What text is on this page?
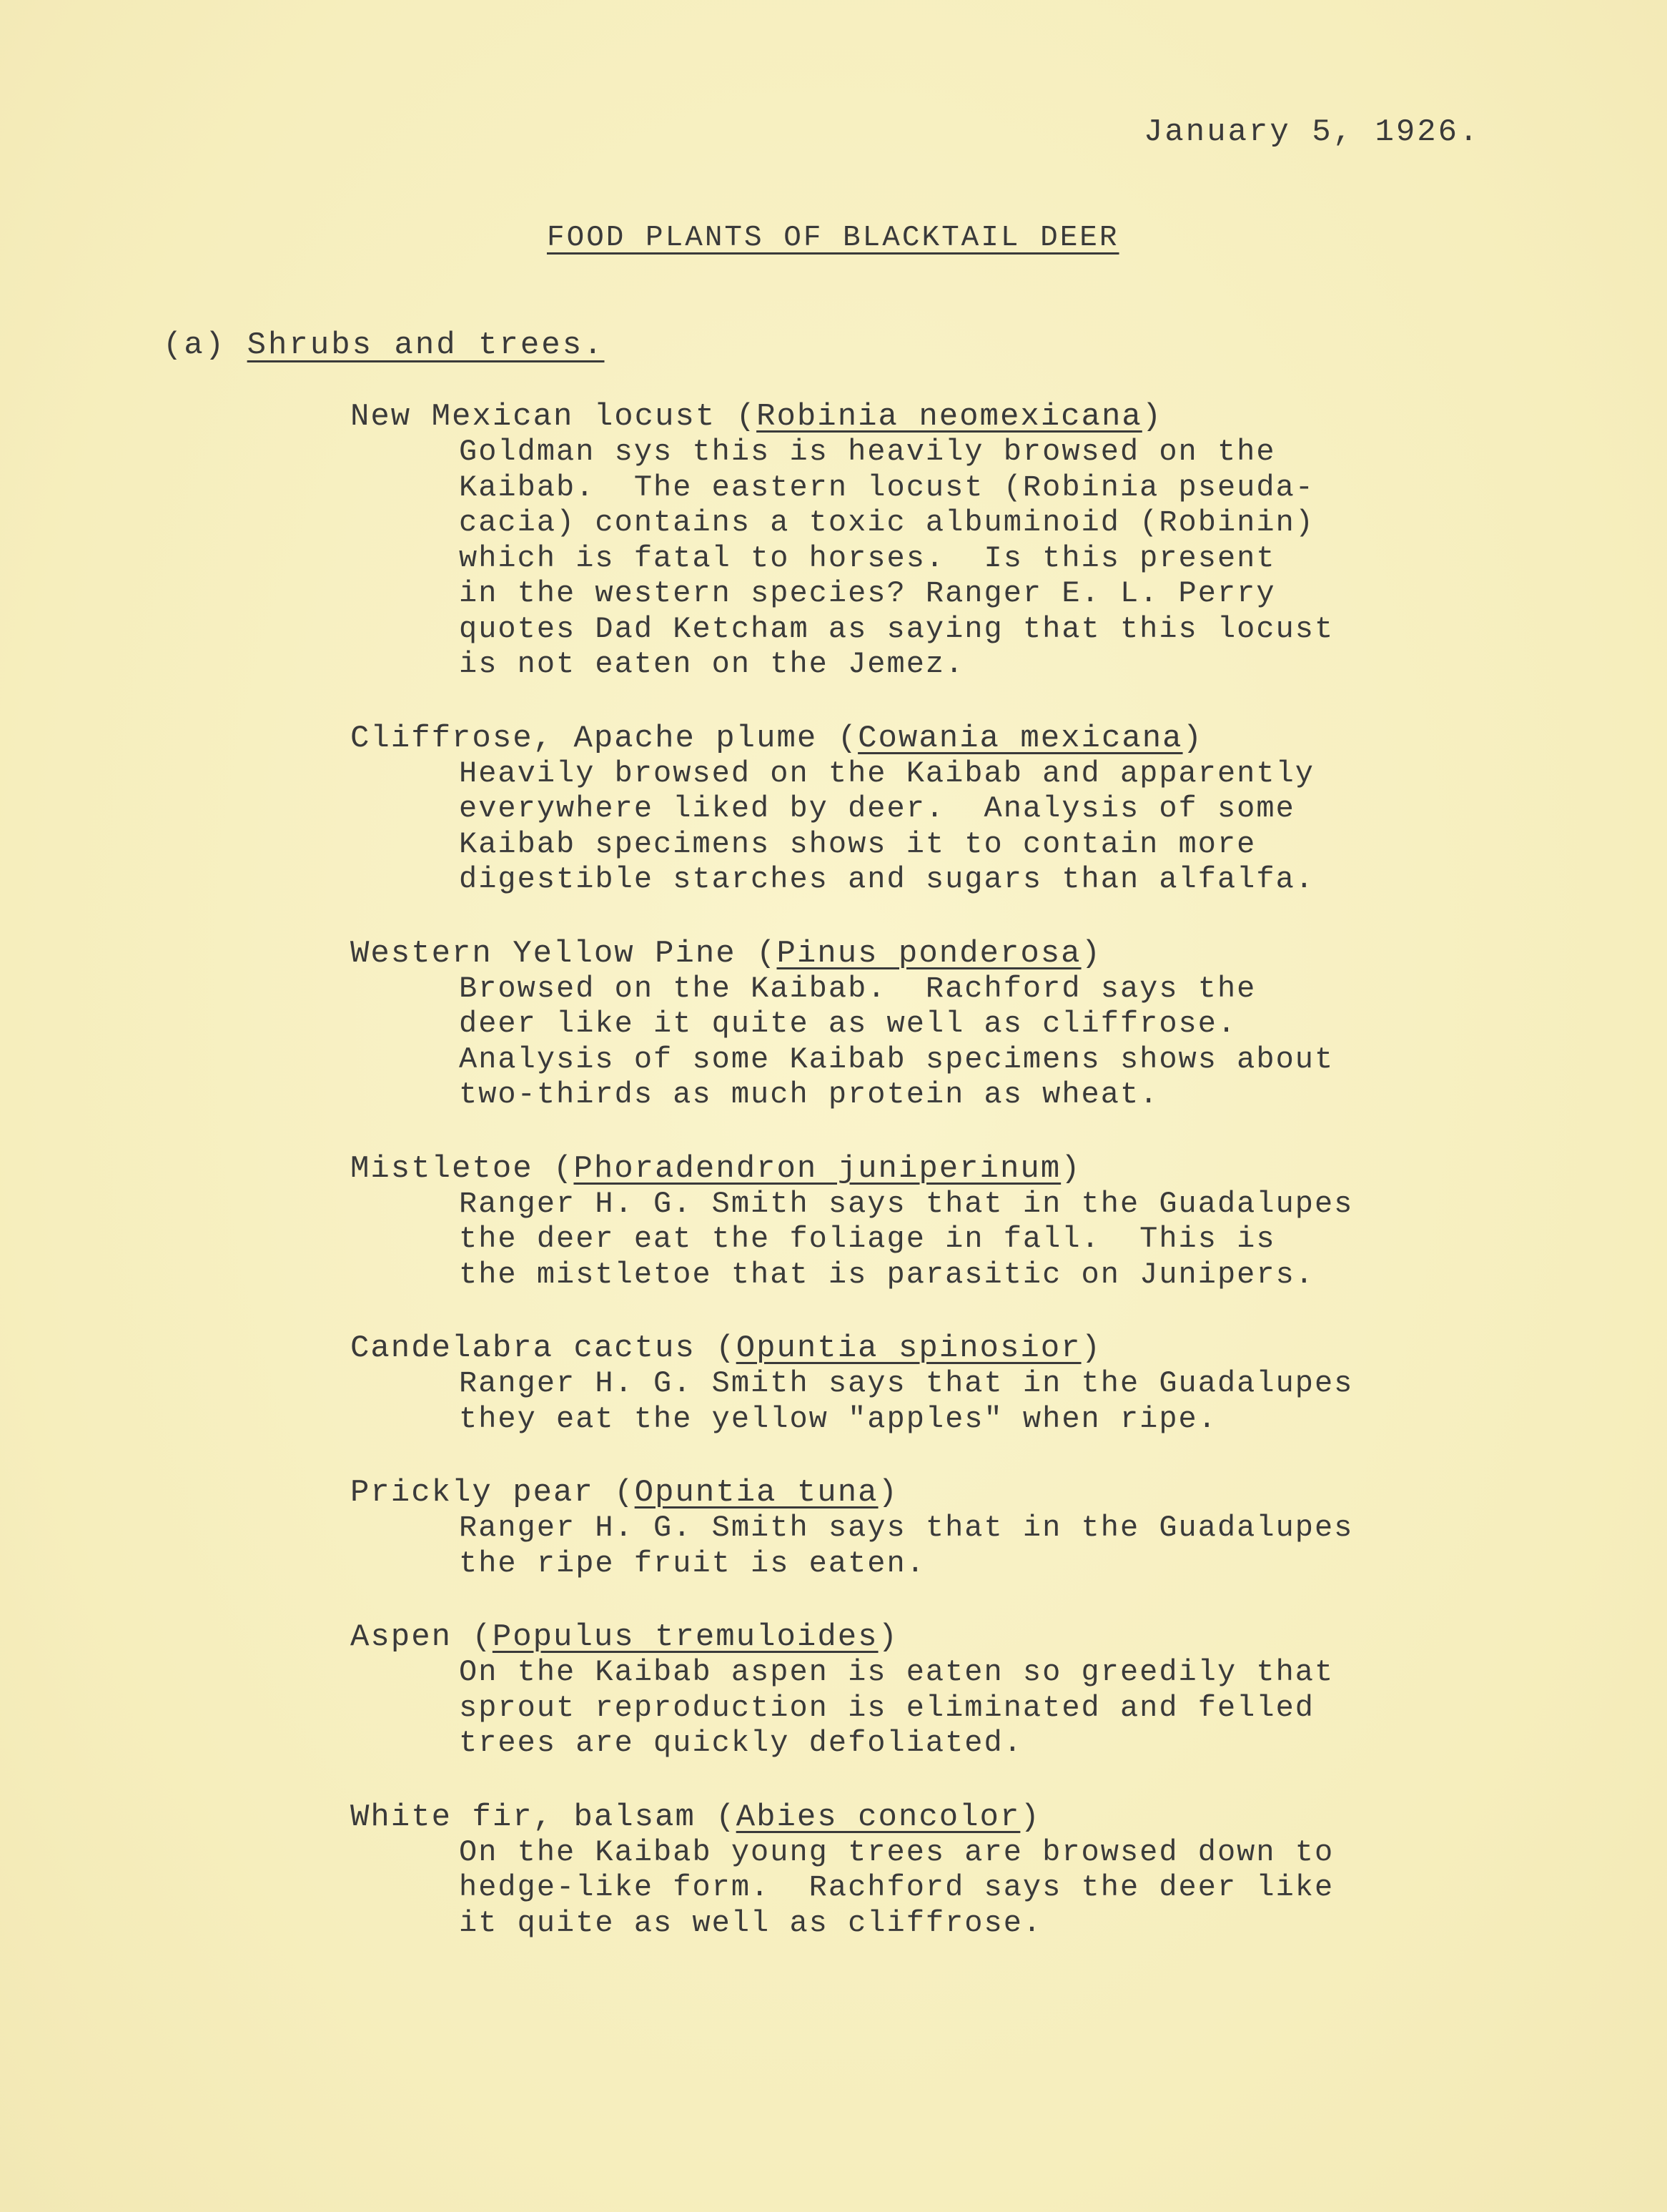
January 5, 1926.
FOOD PLANTS OF BLACKTAIL DEER
(a) Shrubs and trees.
New Mexican locust (Robinia neomexicana)
Goldman sys this is heavily browsed on the
Kaibab.  The eastern locust (Robinia pseuda-
cacia) contains a toxic albuminoid (Robinin)
which is fatal to horses.  Is this present
in the western species? Ranger E. L. Perry
quotes Dad Ketcham as saying that this locust
is not eaten on the Jemez.
Cliffrose, Apache plume (Cowania mexicana)
Heavily browsed on the Kaibab and apparently
everywhere liked by deer.  Analysis of some
Kaibab specimens shows it to contain more
digestible starches and sugars than alfalfa.
Western Yellow Pine (Pinus ponderosa)
Browsed on the Kaibab.  Rachford says the
deer like it quite as well as cliffrose.
Analysis of some Kaibab specimens shows about
two-thirds as much protein as wheat.
Mistletoe (Phoradendron juniperinum)
Ranger H. G. Smith says that in the Guadalupes
the deer eat the foliage in fall.  This is
the mistletoe that is parasitic on Junipers.
Candelabra cactus (Opuntia spinosior)
Ranger H. G. Smith says that in the Guadalupes
they eat the yellow "apples" when ripe.
Prickly pear (Opuntia tuna)
Ranger H. G. Smith says that in the Guadalupes
the ripe fruit is eaten.
Aspen (Populus tremuloides)
On the Kaibab aspen is eaten so greedily that
sprout reproduction is eliminated and felled
trees are quickly defoliated.
White fir, balsam (Abies concolor)
On the Kaibab young trees are browsed down to
hedge-like form.  Rachford says the deer like
it quite as well as cliffrose.
